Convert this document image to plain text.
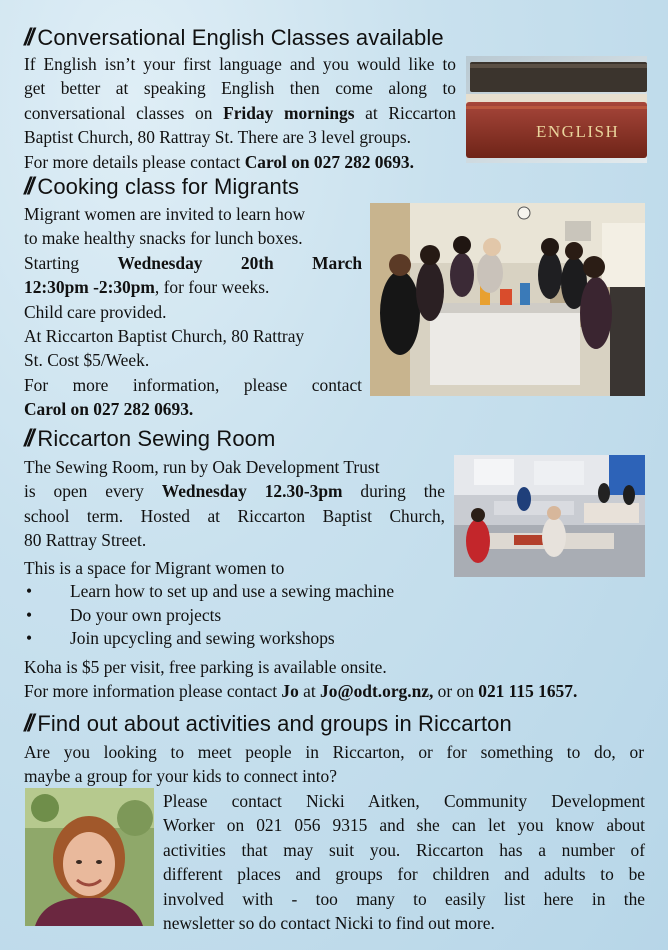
// Conversational English Classes available
If English isn’t your first language and you would like to
get better at speaking English then come along to
conversational classes on Friday mornings at Riccarton
Baptist Church, 80 Rattray St. There are 3 level groups.
For more details please contact Carol on 027 282 0693.
ENGLISH
// Cooking class for Migrants
Migrant women are invited to learn how
to make healthy snacks for lunch boxes.
Starting Wednesday 20th March
12:30pm -2:30pm, for four weeks.
Child care provided.
At Riccarton Baptist Church, 80 Rattray
St. Cost $5/Week.
For more information, please contact
Carol on 027 282 0693.
// Riccarton Sewing Room
The Sewing Room, run by Oak Development Trust
is open every Wednesday 12.30-3pm during the
school term. Hosted at Riccarton Baptist Church,
80 Rattray Street.
This is a space for Migrant women to
• Learn how to set up and use a sewing machine
• Do your own projects
• Join upcycling and sewing workshops
Koha is $5 per visit, free parking is available onsite.
For more information please contact Jo at Jo@odt.org.nz, or on 021 115 1657.
// Find out about activities and groups in Riccarton
Are you looking to meet people in Riccarton, or for something to do, or
maybe a group for your kids to connect into?
Please contact Nicki Aitken, Community Development
Worker on 021 056 9315 and she can let you know about
activities that may suit you. Riccarton has a number of
different places and groups for children and adults to be
involved with - too many to easily list here in the
newsletter so do contact Nicki to find out more.
